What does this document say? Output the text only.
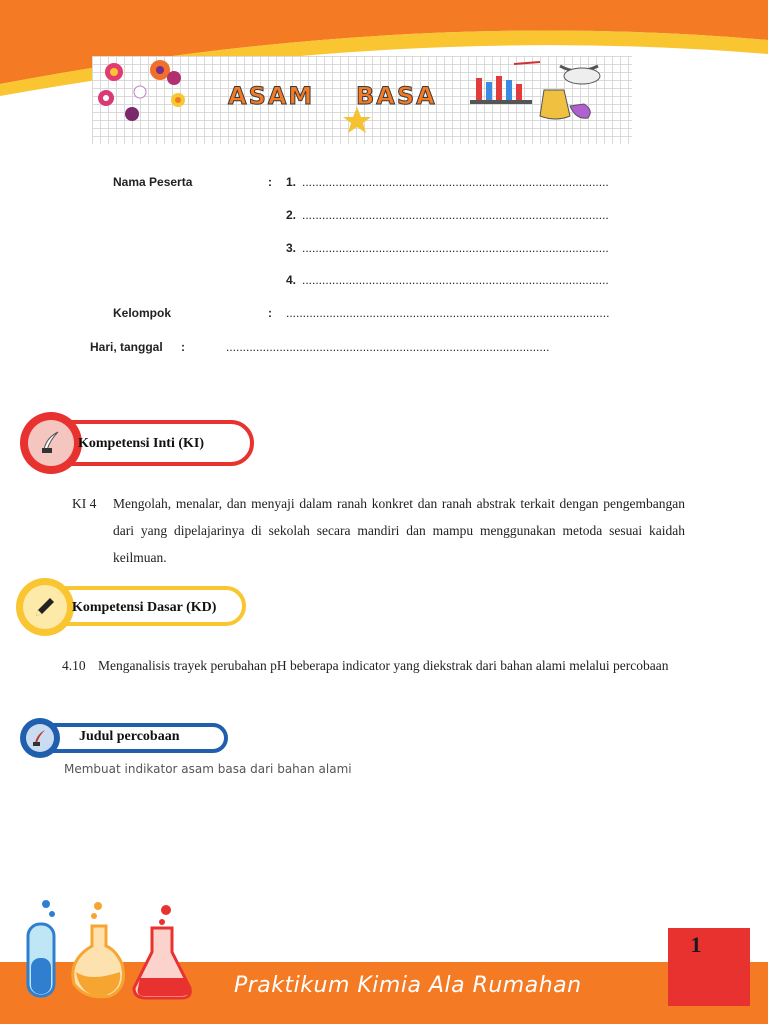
ASAM BASA
Nama Peserta	: 1. ............................................................................................
2. ............................................................................................
3. ............................................................................................
4. ............................................................................................
Kelompok	: .................................................................................................
Hari, tanggal :	.................................................................................................
Kompetensi Inti (KI)
KI 4 Mengolah, menalar, dan menyaji dalam ranah konkret dan ranah abstrak terkait dengan pengembangan dari yang dipelajarinya di sekolah secara mandiri dan mampu menggunakan metoda sesuai kaidah keilmuan.

Kompetensi Dasar (KD)
4.10 Menganalisis trayek perubahan pH beberapa indicator yang diekstrak dari bahan alami melalui percobaan

Judul percobaan
Membuat indikator asam basa dari bahan alami
Praktikum Kimia Ala Rumahan
1
